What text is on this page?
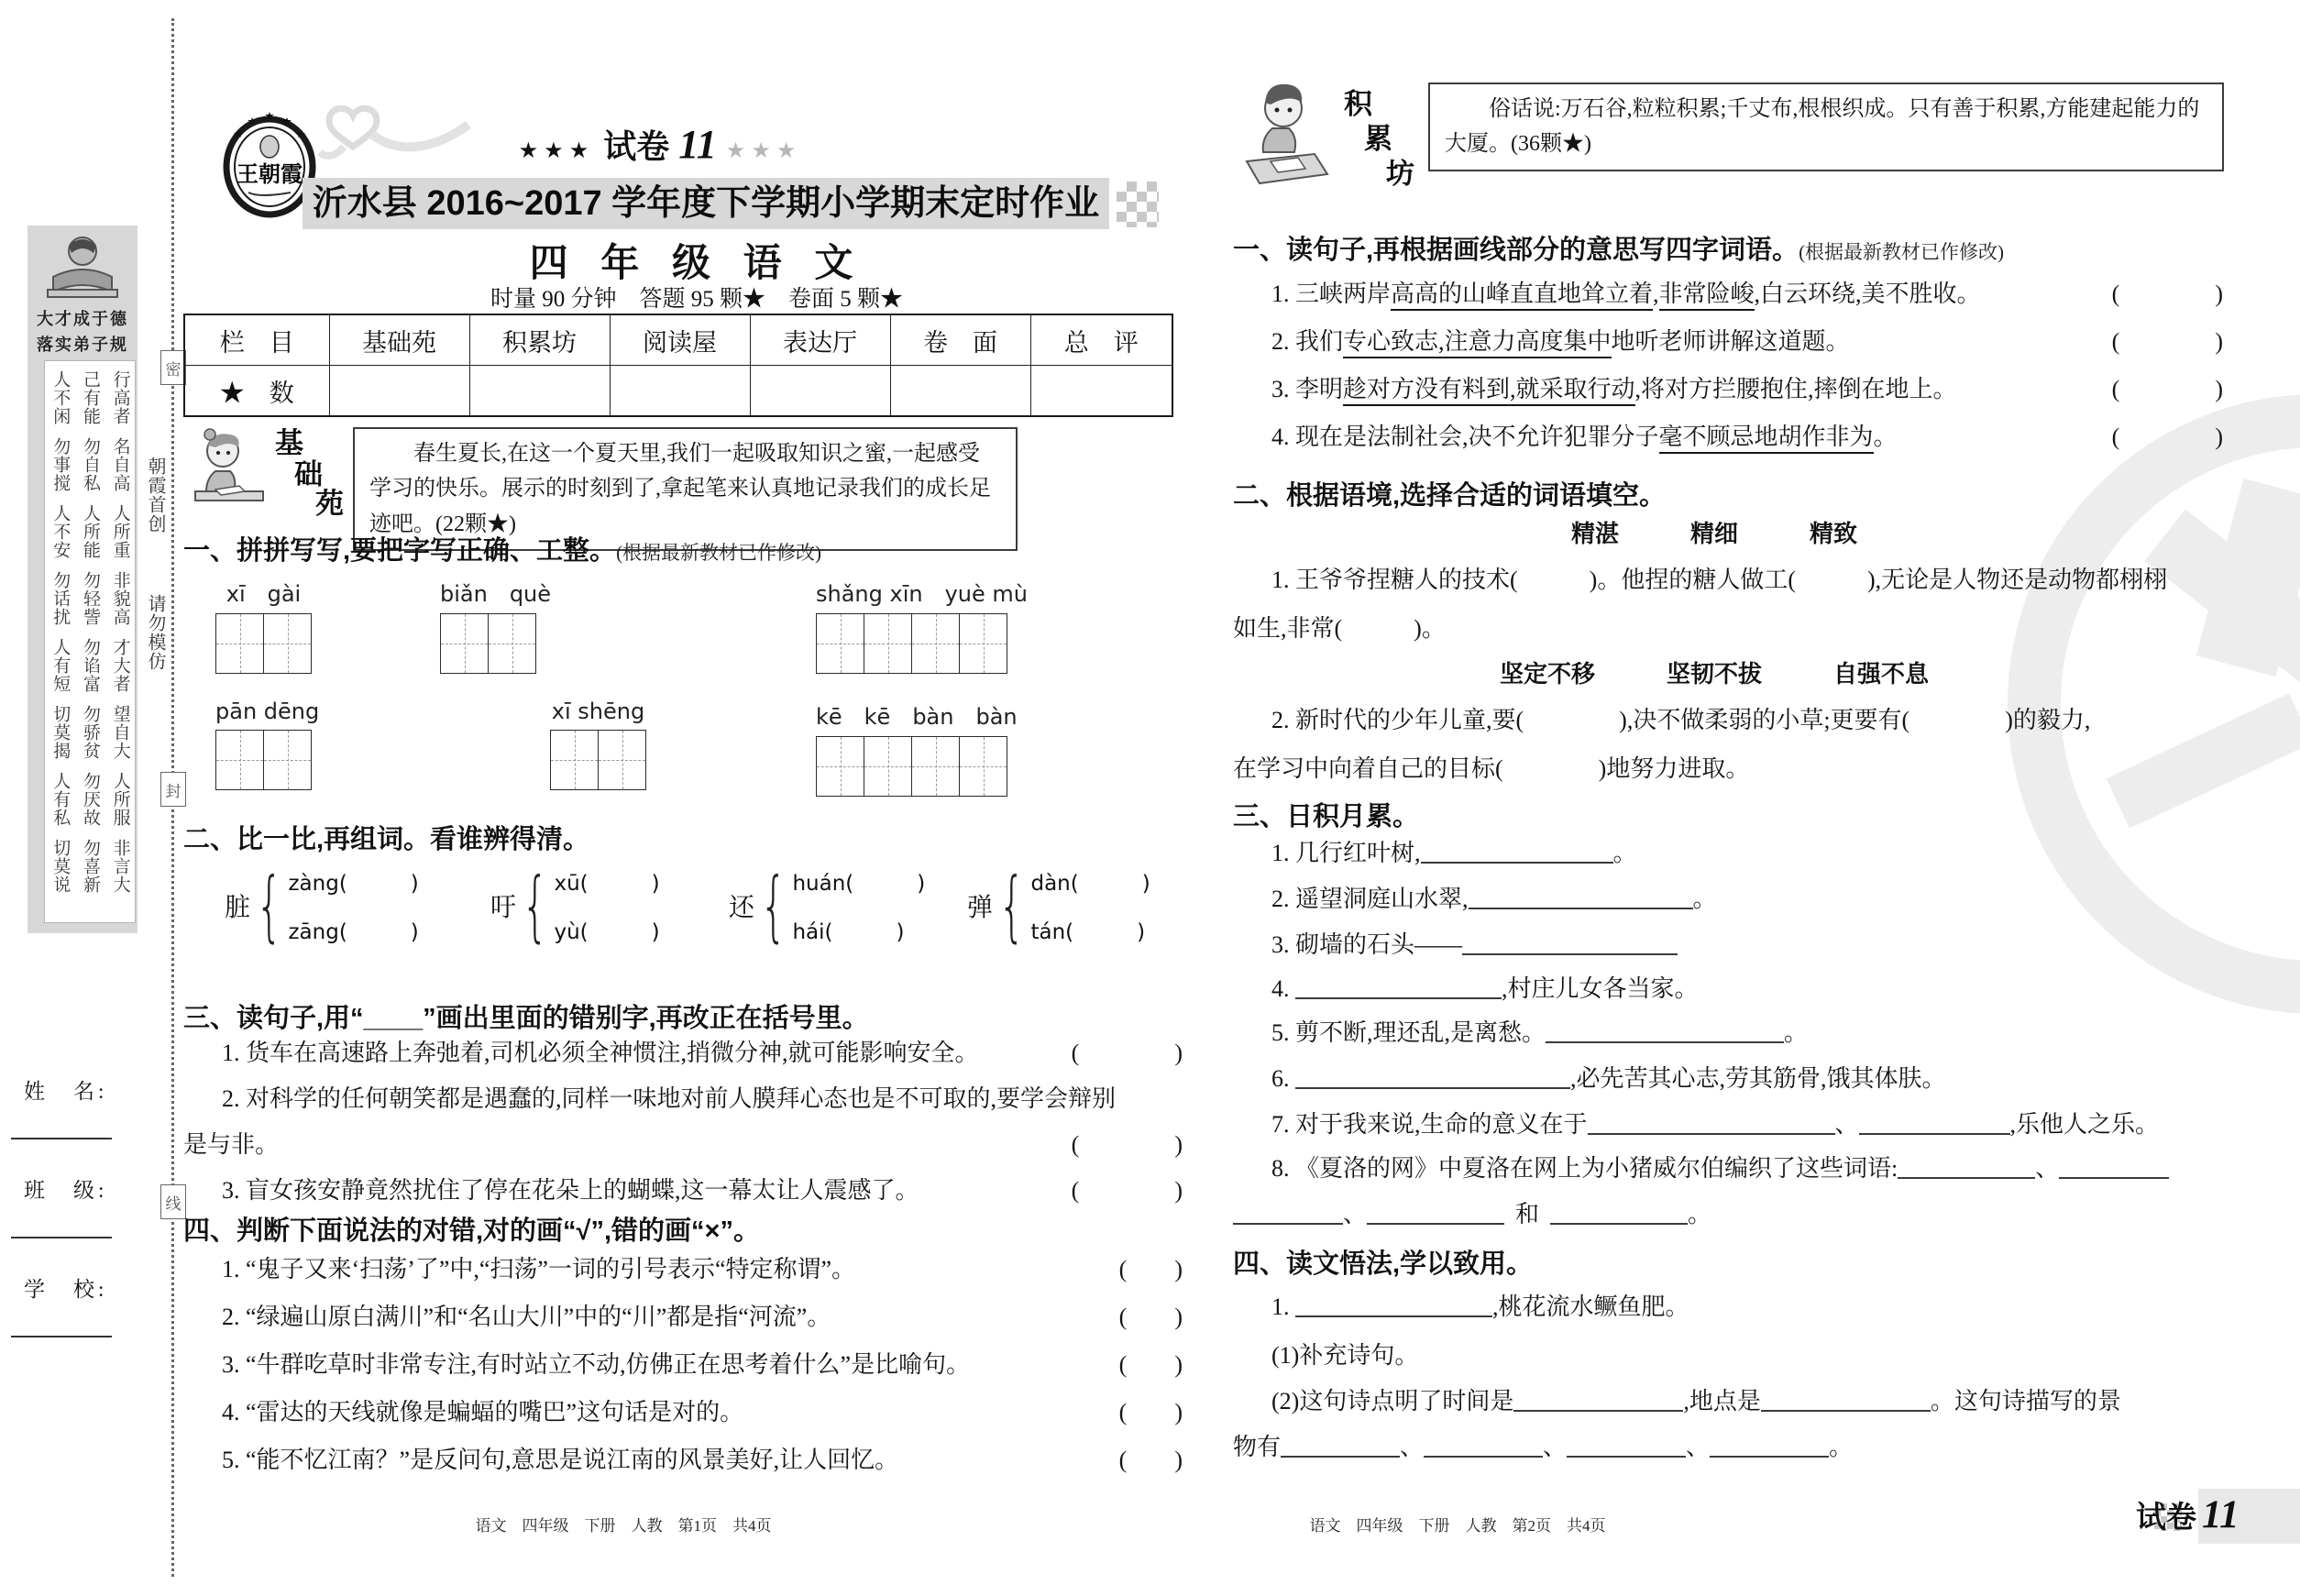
大才成于德
落实弟子规
人不闲
勿事搅
人不安
勿话扰
人有短
切莫揭
人有私
切莫说
己有能
勿自私
人所能
勿轻訾
勿谄富
勿骄贫
勿厌故
勿喜新
行高者
名自高
人所重
非貌高
才大者
望自大
人所服
非言大
姓　名:
班　级:
学　校:
密
封
线
朝霞首创
请勿模仿
王朝霞
★★★ 试卷 11 ★★★
沂水县 2016~2017 学年度下学期小学期末定时作业
四 年 级 语 文
时量 90 分钟　答题 95 颗★　卷面 5 颗★
栏　目	基础苑	积累坊	阅读屋	表达厅	卷　面	总　评
★　数						
基
础
苑
春生夏长,在这一个夏天里,我们一起吸取知识之蜜,一起感受学习的快乐。展示的时刻到了,拿起笔来认真地记录我们的成长足迹吧。(22颗★)
一、拼拼写写,要把字写正确、工整。(根据最新教材已作修改)
xī　gài	biǎn　què	shǎng xīn　yuè mù
pān dēng	xī shēng	kē　kē　bàn　bàn
二、比一比,再组词。看谁辨得清。
脏 { zàng(　　　)
zāng(　　　)
吁 { xū(　　　)
yù(　　　)
还 { huán(　　　)
hái(　　　)
弹 { dàn(　　　)
tán(　　　)
三、读句子,用“____”画出里面的错别字,再改正在括号里。
1. 货车在高速路上奔弛着,司机必须全神惯注,捎微分神,就可能影响安全。	(　　　　)
2. 对科学的任何朝笑都是遇蠢的,同样一味地对前人膜拜心态也是不可取的,要学会辩别
是与非。	(　　　　)
3. 盲女孩安静竟然扰住了停在花朵上的蝴蝶,这一幕太让人震感了。	(　　　　)
四、判断下面说法的对错,对的画“√”,错的画“×”。
1. “鬼子又来‘扫荡’了”中,“扫荡”一词的引号表示“特定称谓”。	(　　)
2. “绿遍山原白满川”和“名山大川”中的“川”都是指“河流”。	(　　)
3. “牛群吃草时非常专注,有时站立不动,仿佛正在思考着什么”是比喻句。	(　　)
4. “雷达的天线就像是蝙蝠的嘴巴”这句话是对的。	(　　)
5. “能不忆江南？”是反问句,意思是说江南的风景美好,让人回忆。	(　　)
语文　四年级　下册　人教　第1页　共4页
积
累
坊
俗话说:万石谷,粒粒积累;千丈布,根根织成。只有善于积累,方能建起能力的大厦。(36颗★)
一、读句子,再根据画线部分的意思写四字词语。(根据最新教材已作修改)
1. 三峡两岸高高的山峰直直地耸立着,非常险峻,白云环绕,美不胜收。	(　　　　)
2. 我们专心致志,注意力高度集中地听老师讲解这道题。	(　　　　)
3. 李明趁对方没有料到,就采取行动,将对方拦腰抱住,摔倒在地上。	(　　　　)
4. 现在是法制社会,决不允许犯罪分子毫不顾忌地胡作非为。	(　　　　)
二、根据语境,选择合适的词语填空。
精湛　　　精细　　　精致
1. 王爷爷捏糖人的技术(　　　)。他捏的糖人做工(　　　),无论是人物还是动物都栩栩
如生,非常(　　　)。
坚定不移　　　坚韧不拔　　　自强不息
2. 新时代的少年儿童,要(　　　　),决不做柔弱的小草;更要有(　　　　)的毅力,
在学习中向着自己的目标(　　　　)地努力进取。
三、日积月累。
1. 几行红叶树,	。
2. 遥望洞庭山水翠,	。
3. 砌墙的石头——
4.	,村庄儿女各当家。
5. 剪不断,理还乱,是离愁。	。
6.	,必先苦其心志,劳其筋骨,饿其体肤。
7. 对于我来说,生命的意义在于	、	,乐他人之乐。
8. 《夏洛的网》中夏洛在网上为小猪威尔伯编织了这些词语:	、
、	和	。
四、读文悟法,学以致用。
1.	,桃花流水鳜鱼肥。
(1)补充诗句。
(2)这句诗点明了时间是	,地点是	。这句诗描写的景
物有	、	、	、	。
语文　四年级　下册　人教　第2页　共4页	试卷 11
